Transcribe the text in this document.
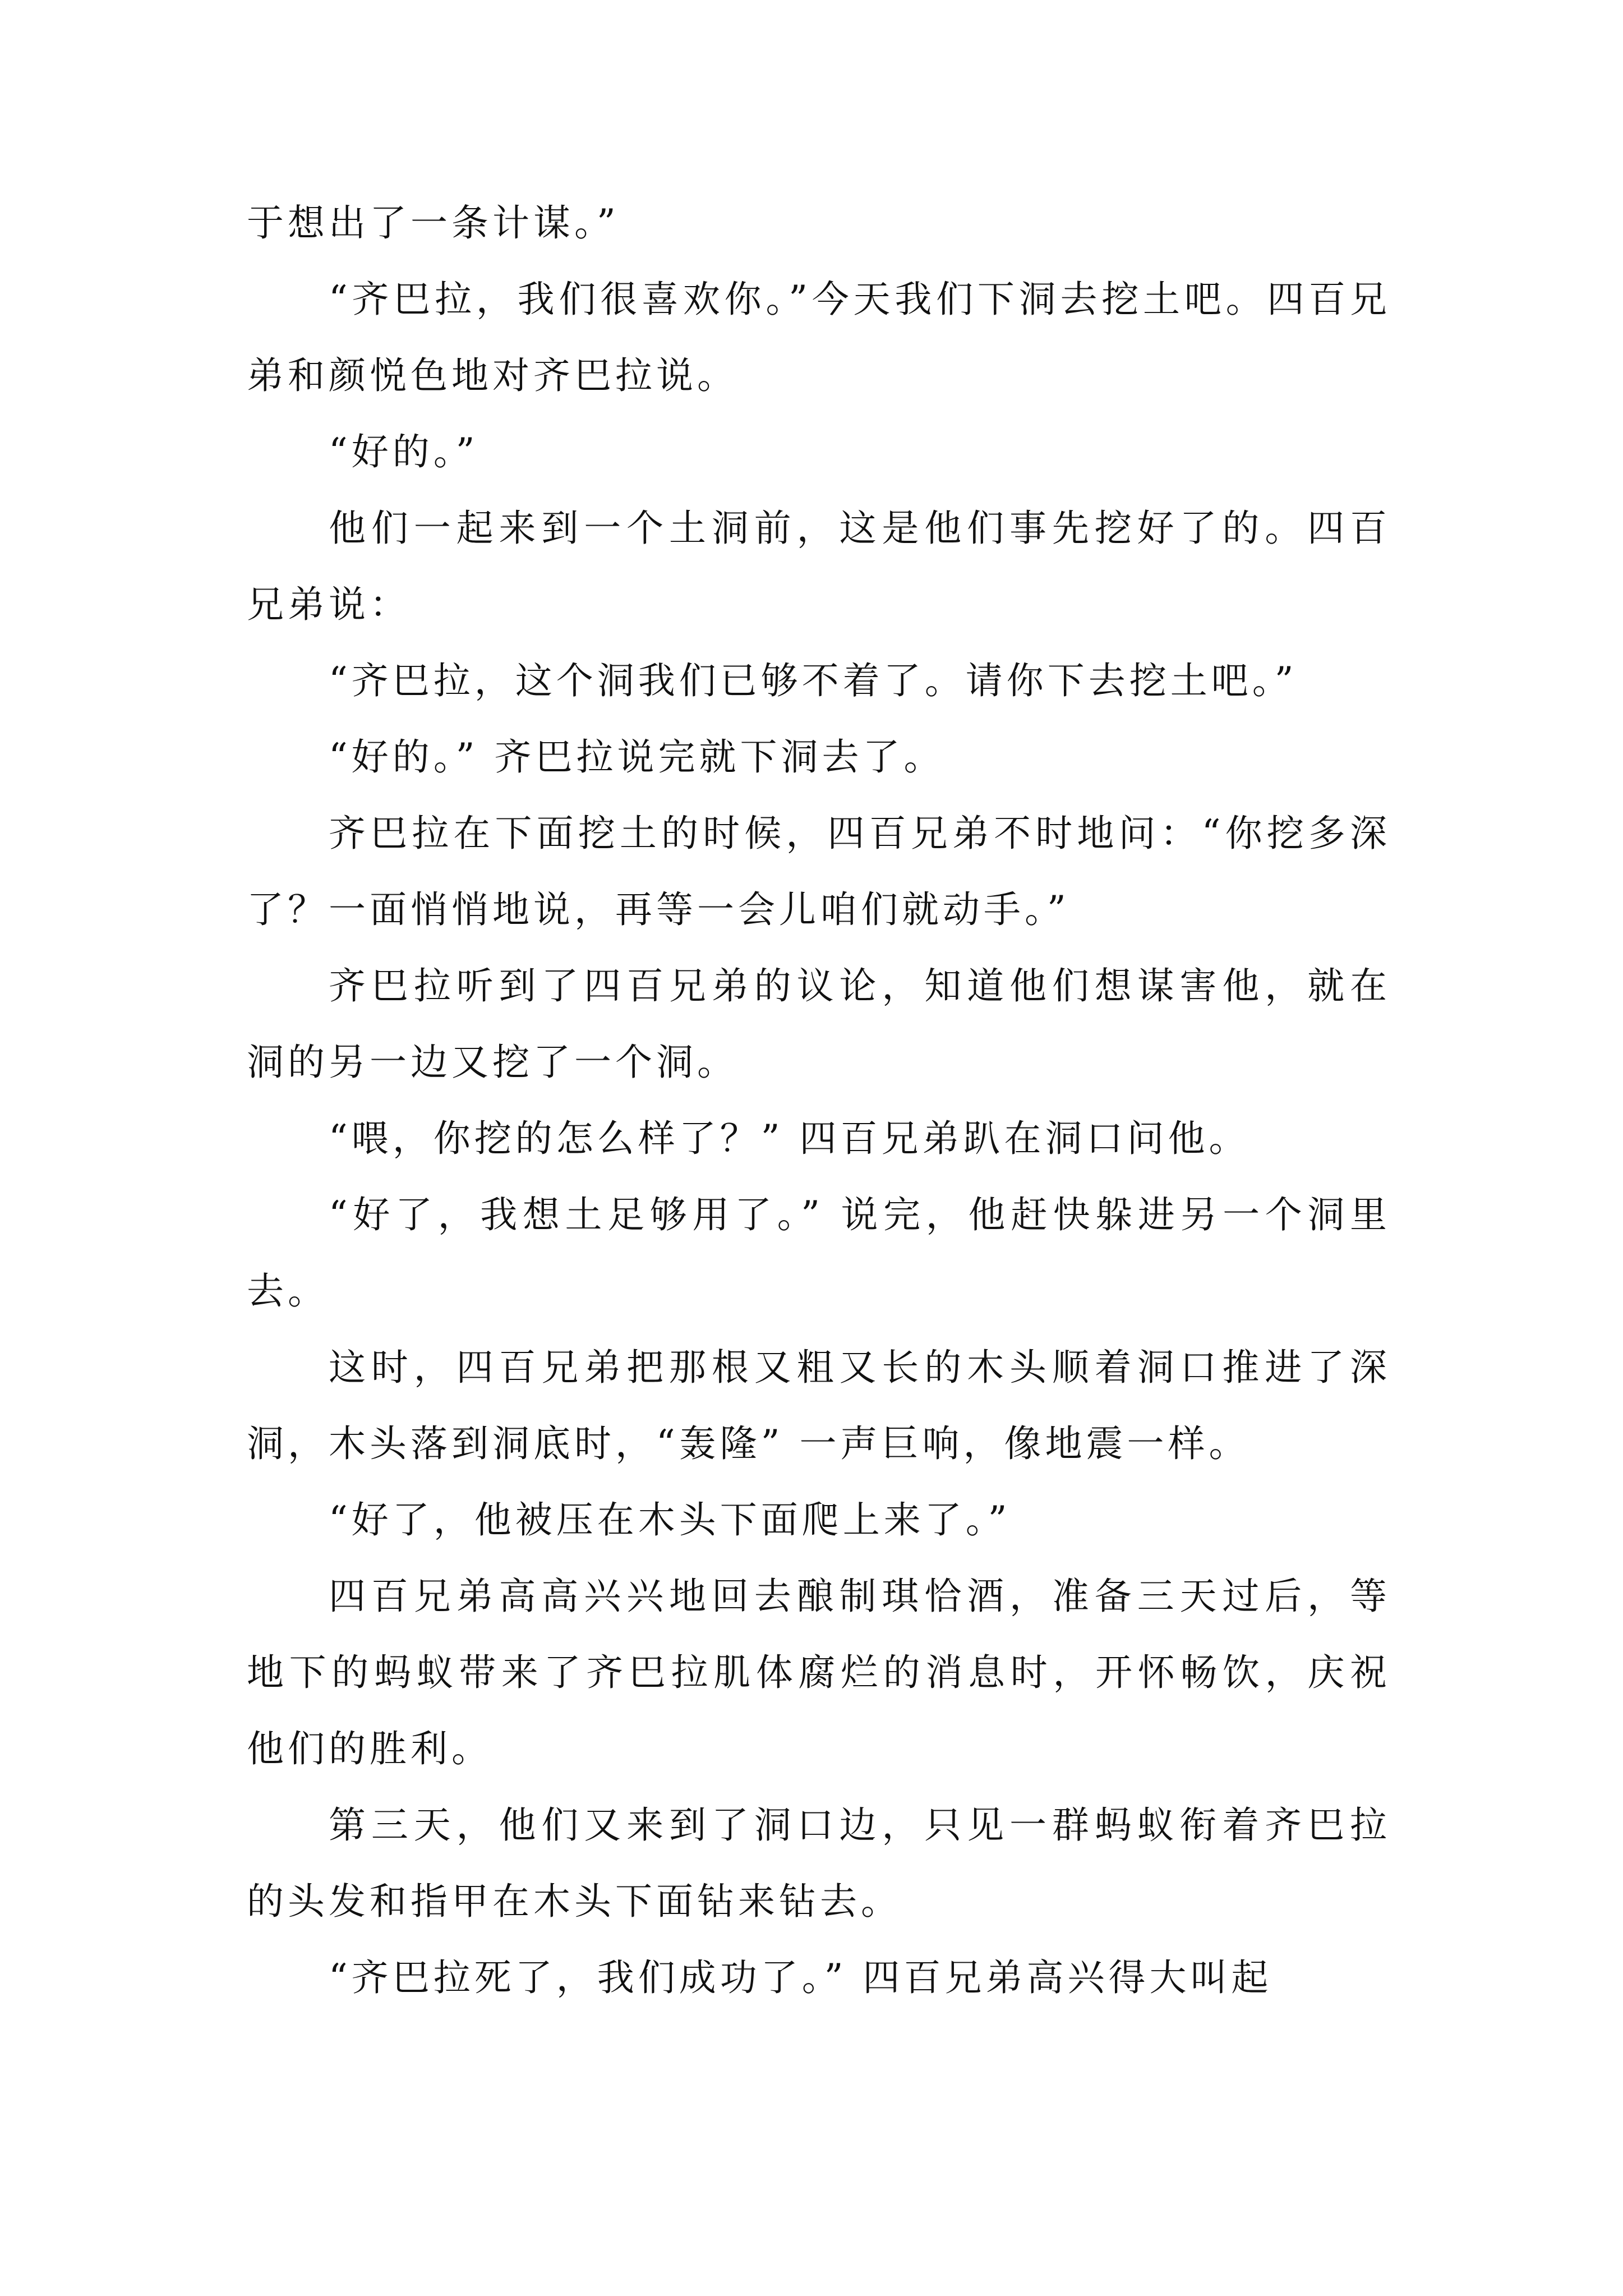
于想出了一条计谋。”

“齐巴拉，我们很喜欢你。”今天我们下洞去挖土吧。四百兄弟和颜悦色地对齐巴拉说。

“好的。”

他们一起来到一个土洞前，这是他们事先挖好了的。四百兄弟说：

“齐巴拉，这个洞我们已够不着了。请你下去挖土吧。”

“好的。” 齐巴拉说完就下洞去了。

齐巴拉在下面挖土的时候，四百兄弟不时地问：“你挖多深了？一面悄悄地说，再等一会儿咱们就动手。”

齐巴拉听到了四百兄弟的议论，知道他们想谋害他，就在洞的另一边又挖了一个洞。

“喂，你挖的怎么样了？” 四百兄弟趴在洞口问他。

“好了，我想土足够用了。” 说完，他赶快躲进另一个洞里去。

这时，四百兄弟把那根又粗又长的木头顺着洞口推进了深洞，木头落到洞底时，“轰隆” 一声巨响，像地震一样。

“好了，他被压在木头下面爬上来了。”

四百兄弟高高兴兴地回去酿制琪恰酒，准备三天过后，等地下的蚂蚁带来了齐巴拉肌体腐烂的消息时，开怀畅饮，庆祝他们的胜利。

第三天，他们又来到了洞口边，只见一群蚂蚁衔着齐巴拉的头发和指甲在木头下面钻来钻去。

“齐巴拉死了，我们成功了。” 四百兄弟高兴得大叫起
